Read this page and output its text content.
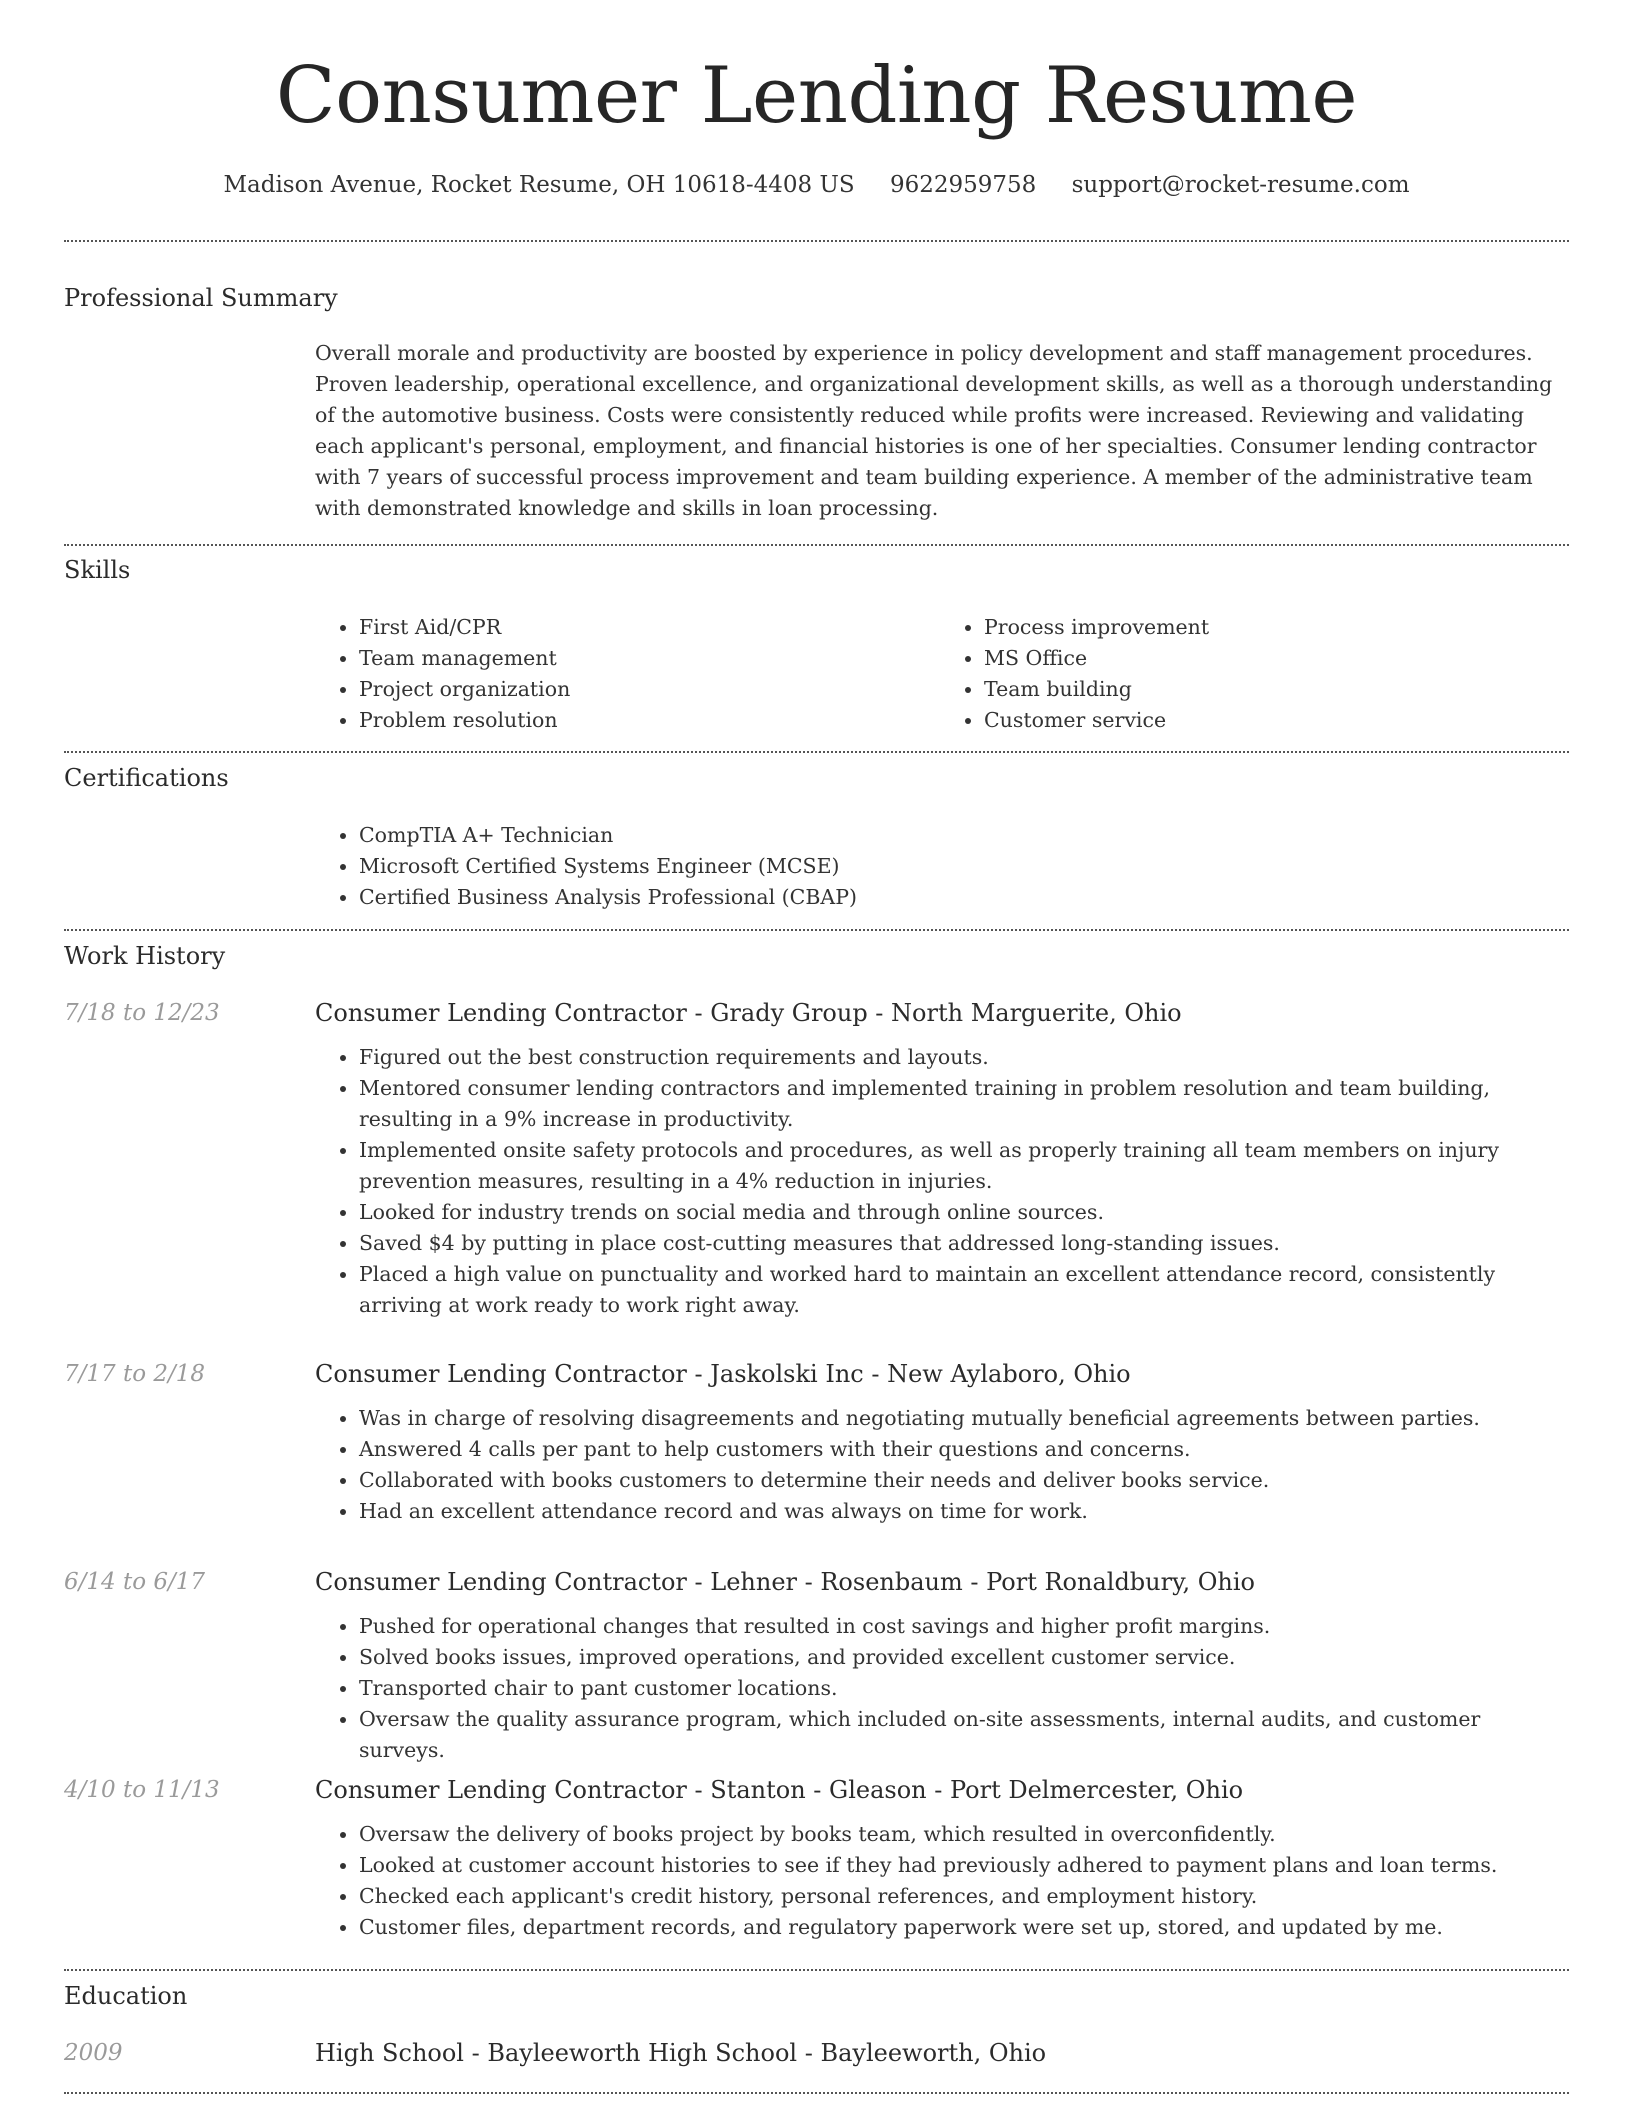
Consumer Lending Resume
Madison Avenue, Rocket Resume, OH 10618-4408 US 9622959758 support@rocket-resume.com
Professional Summary

Overall morale and productivity are boosted by experience in policy development and staff management procedures. Proven leadership, operational excellence, and organizational development skills, as well as a thorough understanding of the automotive business. Costs were consistently reduced while profits were increased. Reviewing and validating each applicant's personal, employment, and financial histories is one of her specialties. Consumer lending contractor with 7 years of successful process improvement and team building experience. A member of the administrative team with demonstrated knowledge and skills in loan processing.

Skills
• First Aid/CPR
• Team management
• Project organization
• Problem resolution
• Process improvement
• MS Office
• Team building
• Customer service
Certifications
• CompTIA A+ Technician
• Microsoft Certified Systems Engineer (MCSE)
• Certified Business Analysis Professional (CBAP)
Work History
7/18 to 12/23	Consumer Lending Contractor - Grady Group - North Marguerite, Ohio
• Figured out the best construction requirements and layouts.
• Mentored consumer lending contractors and implemented training in problem resolution and team building, resulting in a 9% increase in productivity.
• Implemented onsite safety protocols and procedures, as well as properly training all team members on injury prevention measures, resulting in a 4% reduction in injuries.
• Looked for industry trends on social media and through online sources.
• Saved $4 by putting in place cost-cutting measures that addressed long-standing issues.
• Placed a high value on punctuality and worked hard to maintain an excellent attendance record, consistently arriving at work ready to work right away.
7/17 to 2/18	Consumer Lending Contractor - Jaskolski Inc - New Aylaboro, Ohio
• Was in charge of resolving disagreements and negotiating mutually beneficial agreements between parties.
• Answered 4 calls per pant to help customers with their questions and concerns.
• Collaborated with books customers to determine their needs and deliver books service.
• Had an excellent attendance record and was always on time for work.
6/14 to 6/17	Consumer Lending Contractor - Lehner - Rosenbaum - Port Ronaldbury, Ohio
• Pushed for operational changes that resulted in cost savings and higher profit margins.
• Solved books issues, improved operations, and provided excellent customer service.
• Transported chair to pant customer locations.
• Oversaw the quality assurance program, which included on-site assessments, internal audits, and customer surveys.
4/10 to 11/13	Consumer Lending Contractor - Stanton - Gleason - Port Delmercester, Ohio
• Oversaw the delivery of books project by books team, which resulted in overconfidently.
• Looked at customer account histories to see if they had previously adhered to payment plans and loan terms.
• Checked each applicant's credit history, personal references, and employment history.
• Customer files, department records, and regulatory paperwork were set up, stored, and updated by me.
Education
2009	High School - Bayleeworth High School - Bayleeworth, Ohio
